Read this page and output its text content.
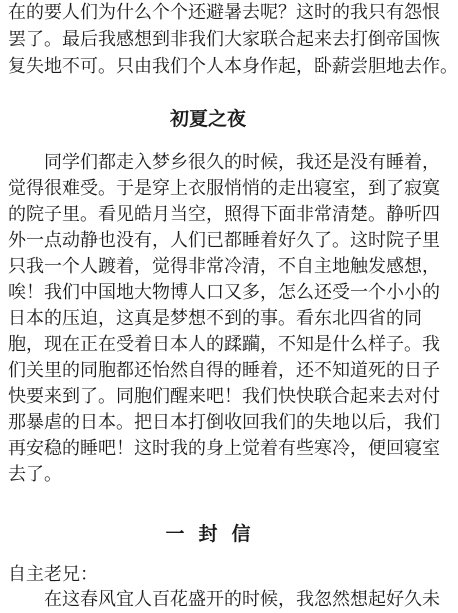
在的要人们为什么个个还避暑去呢？这时的我只有怨恨
罢了。最后我感想到非我们大家联合起来去打倒帝国恢
复失地不可。只由我们个人本身作起，卧薪尝胆地去作。
初夏之夜
　　同学们都走入梦乡很久的时候，我还是没有睡着，
觉得很难受。于是穿上衣服悄悄的走出寝室，到了寂寞
的院子里。看见皓月当空，照得下面非常清楚。静听四
外一点动静也没有，人们已都睡着好久了。这时院子里
只我一个人踱着，觉得非常冷清，不自主地触发感想，
唉！我们中国地大物博人口又多，怎么还受一个小小的
日本的压迫，这真是梦想不到的事。看东北四省的同
胞，现在正在受着日本人的蹂躏，不知是什么样子。我
们关里的同胞都还怡然自得的睡着，还不知道死的日子
快要来到了。同胞们醒来吧！我们快快联合起来去对付
那暴虐的日本。把日本打倒收回我们的失地以后，我们
再安稳的睡吧！这时我的身上觉着有些寒冷，便回寝室
去了。
一封信
自主老兄：
　　在这春风宜人百花盛开的时候，我忽然想起好久未
